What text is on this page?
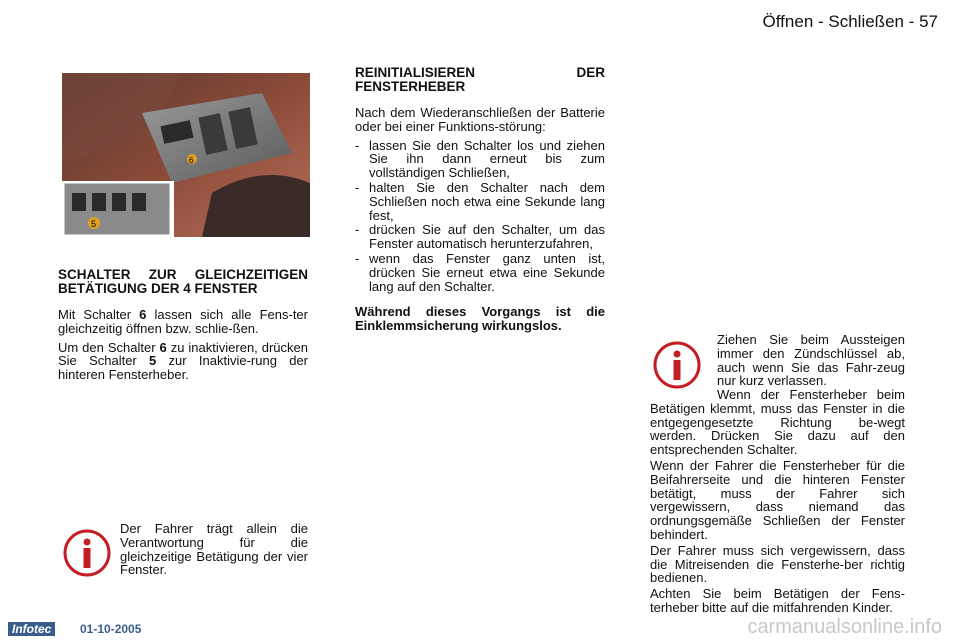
Öffnen - Schließen - 57
6
5
SCHALTER ZUR GLEICHZEITIGEN BETÄTIGUNG DER 4 FENSTER

Mit Schalter 6 lassen sich alle Fens-ter gleichzeitig öffnen bzw. schlie-ßen.

Um den Schalter 6 zu inaktivieren, drücken Sie Schalter 5 zur Inaktivie-rung der hinteren Fensterheber.

Der Fahrer trägt allein die Verantwortung für die gleichzeitige Betätigung der vier Fenster.
REINITIALISIEREN DER FENSTERHEBER

Nach dem Wiederanschließen der Batterie oder bei einer Funktions-störung:

- lassen Sie den Schalter los und ziehen Sie ihn dann erneut bis zum vollständigen Schließen,
- halten Sie den Schalter nach dem Schließen noch etwa eine Sekunde lang fest,
- drücken Sie auf den Schalter, um das Fenster automatisch herunterzufahren,
- wenn das Fenster ganz unten ist, drücken Sie erneut etwa eine Sekunde lang auf den Schalter.

Während dieses Vorgangs ist die Einklemmsicherung wirkungslos.

Ziehen Sie beim Aussteigen immer den Zündschlüssel ab, auch wenn Sie das Fahr-zeug nur kurz verlassen.

Wenn der Fensterheber beim Betätigen klemmt, muss das Fenster in die entgegengesetzte Richtung be-wegt werden. Drücken Sie dazu auf den entsprechenden Schalter.

Wenn der Fahrer die Fensterheber für die Beifahrerseite und die hinteren Fenster betätigt, muss der Fahrer sich vergewissern, dass niemand das ordnungsgemäße Schließen der Fenster behindert.

Der Fahrer muss sich vergewissern, dass die Mitreisenden die Fensterhe-ber richtig bedienen.

Achten Sie beim Betätigen der Fens-terheber bitte auf die mitfahrenden Kinder.

Infotec	01-10-2005	carmanualsonline.info
